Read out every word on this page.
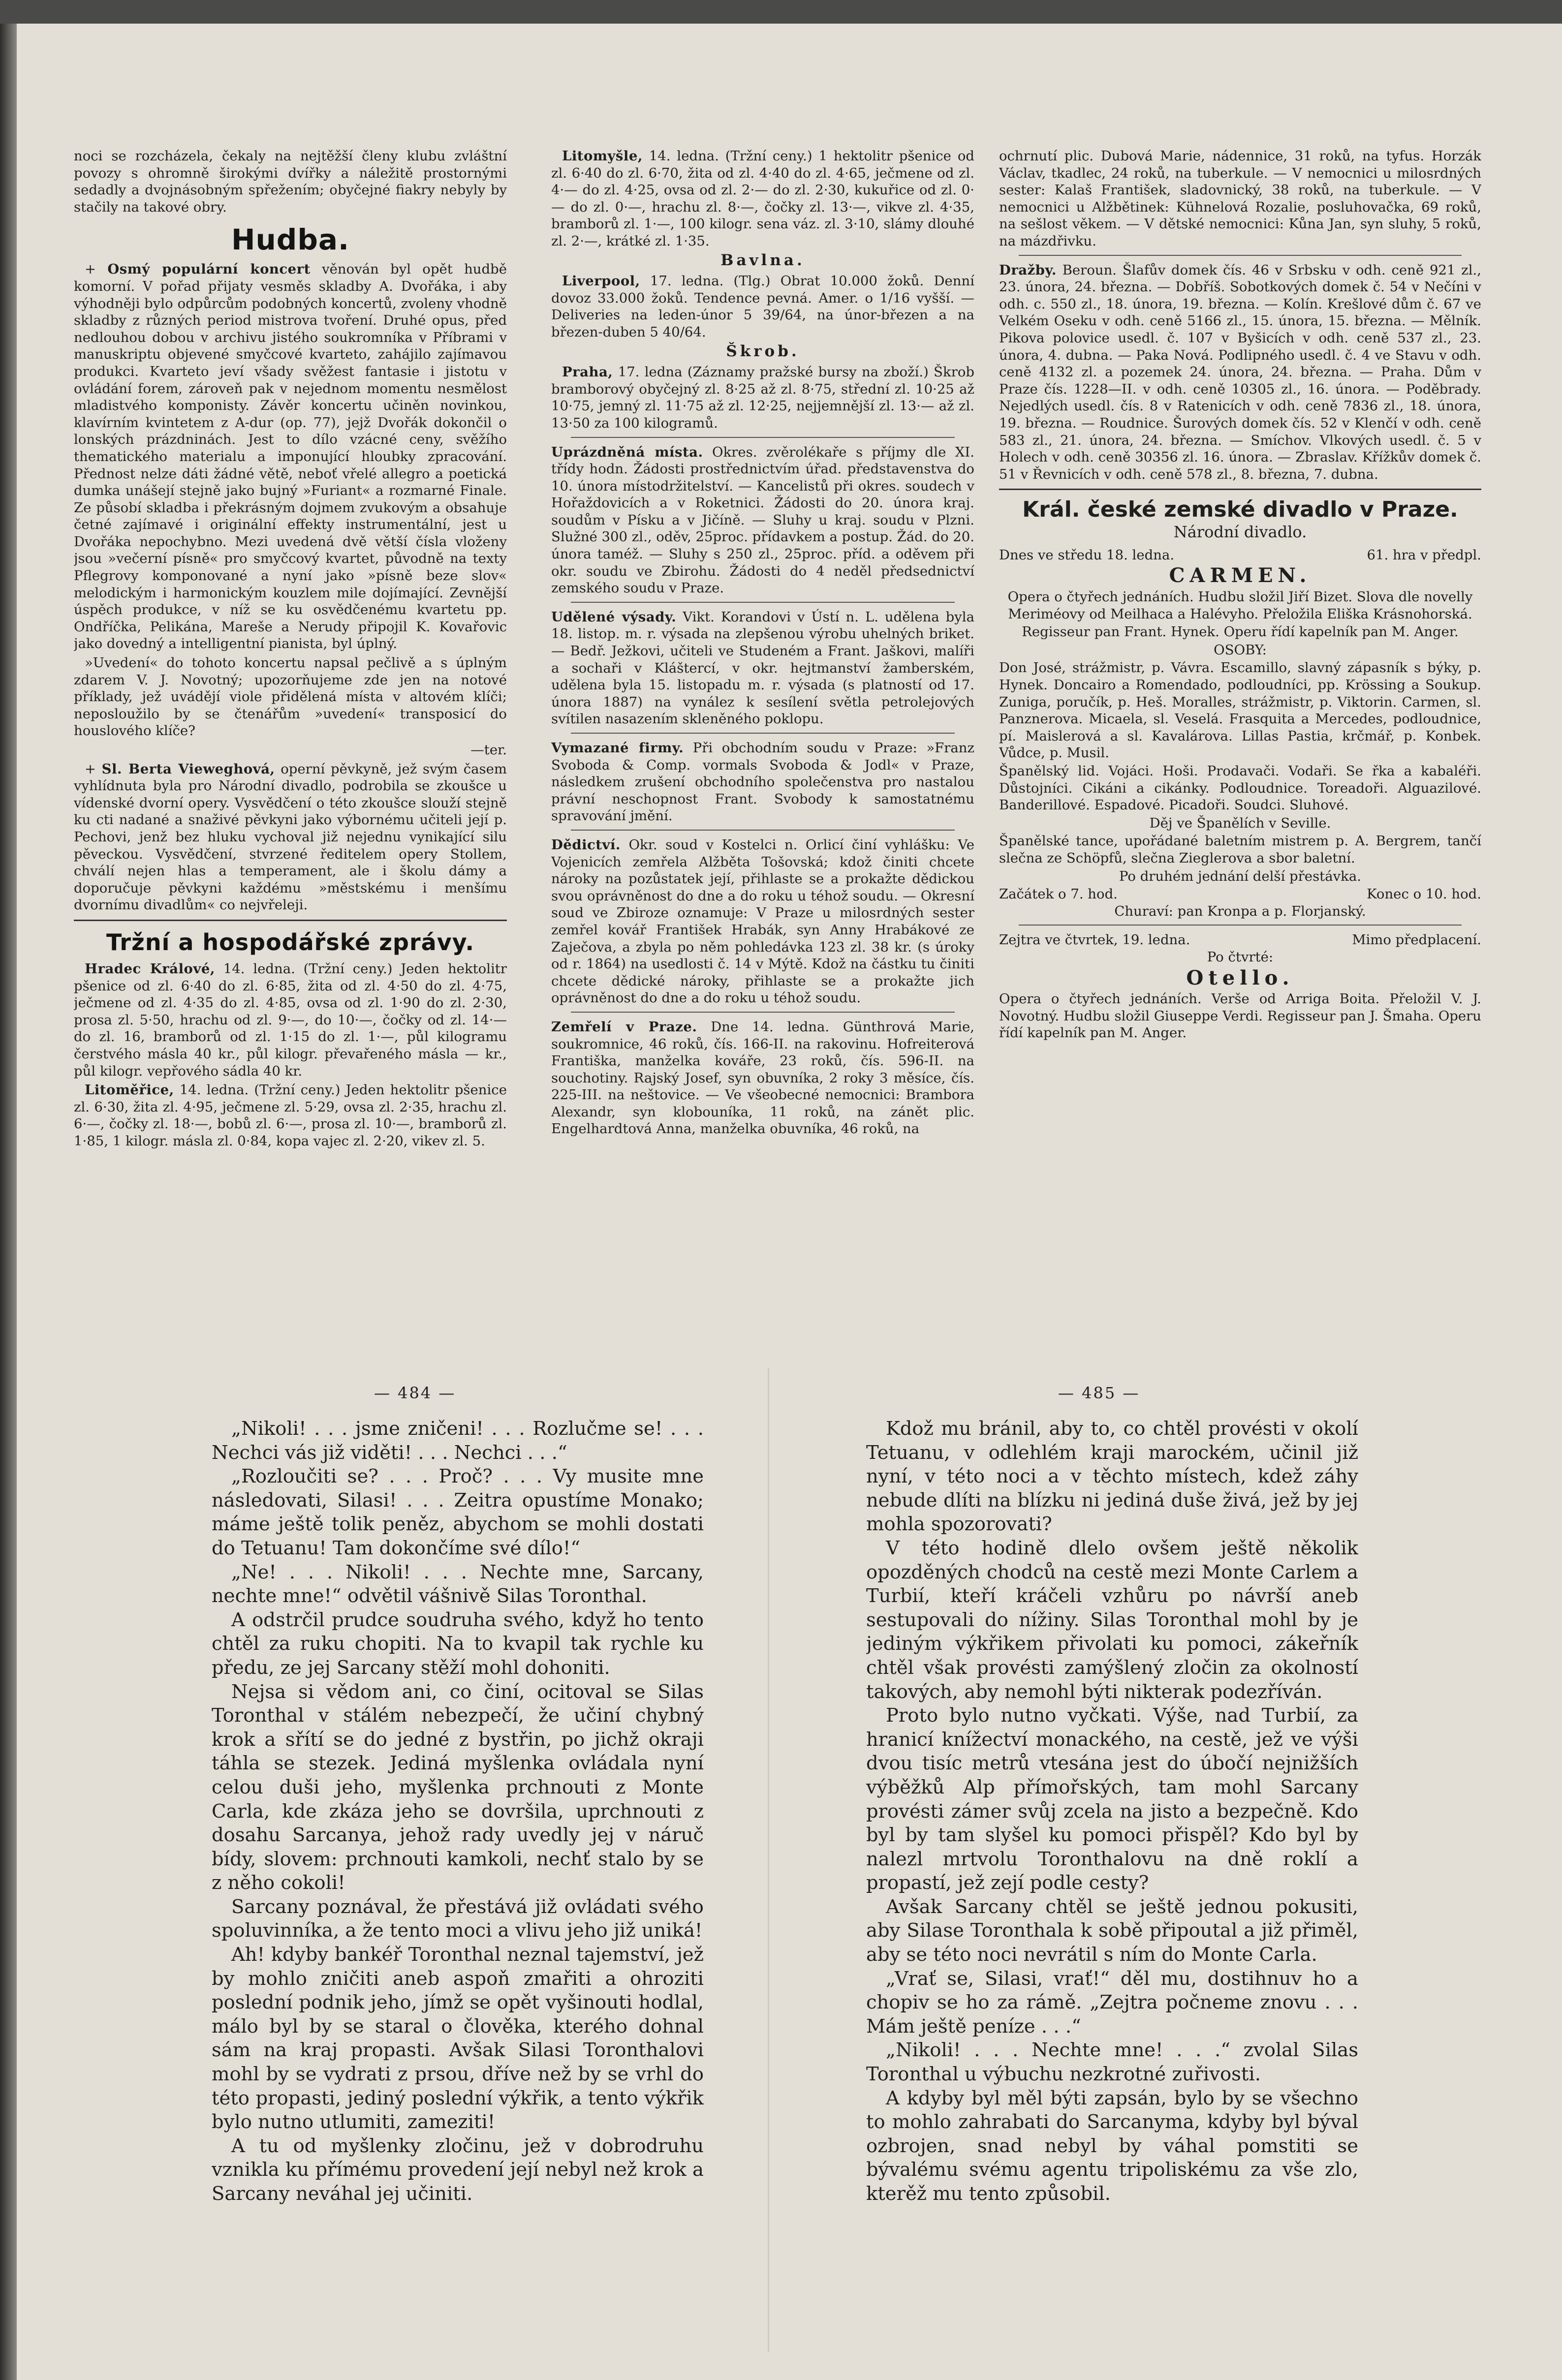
noci se rozcházela, čekaly na nejtěžší členy klubu zvláštní povozy s ohromně širokými dvířky a náležitě prostornými sedadly a dvojnásobným spřežením; obyčejné fiakry nebyly by stačily na takové obry.

Hudba.

+ Osmý populární koncert věnován byl opět hudbě komorní. V pořad přijaty vesměs skladby A. Dvořáka, i aby výhodněji bylo odpůrcům podobných koncertů, zvoleny vhodně skladby z různých period mistrova tvoření. Druhé opus, před nedlouhou dobou v archivu jistého soukromníka v Příbrami v manuskriptu objevené smyčcové kvarteto, zahájilo zajímavou produkci. Kvarteto jeví všady svěžest fantasie i jistotu v ovládání forem, zároveň pak v nejednom momentu nesmělost mladistvého komponisty. Závěr koncertu učiněn novinkou, klavírním kvintetem z A-dur (op. 77), jejž Dvořák dokončil o lonských prázdninách. Jest to dílo vzácné ceny, svěžího thematického materialu a imponující hloubky zpracování. Přednost nelze dáti žádné větě, neboť vřelé allegro a poetická dumka unášejí stejně jako bujný »Furiant« a rozmarné Finale. Ze působí skladba i překrásným dojmem zvukovým a obsahuje četné zajímavé i originální effekty instrumentální, jest u Dvořáka nepochybno. Mezi uvedená dvě větší čísla vloženy jsou »večerní písně« pro smyčcový kvartet, původně na texty Pflegrovy komponované a nyní jako »písně beze slov« melodickým i harmonickým kouzlem mile dojímající. Zevnější úspěch produkce, v níž se ku osvědčenému kvartetu pp. Ondříčka, Pelikána, Mareše a Nerudy připojil K. Kovařovic jako dovedný a intelligentní pianista, byl úplný.

»Uvedení« do tohoto koncertu napsal pečlivě a s úplným zdarem V. J. Novotný; upozorňujeme zde jen na notové příklady, jež uvádějí viole přidělená místa v altovém klíči; neposloužilo by se čtenářům »uvedení« transposicí do houslového klíče?

—ter.

+ Sl. Berta Vieweghová, operní pěvkyně, jež svým časem vyhlídnuta byla pro Národní divadlo, podrobila se zkoušce u vídenské dvorní opery. Vysvědčení o této zkoušce slouží stejně ku cti nadané a snaživé pěvkyni jako výbornému učiteli její p. Pechovi, jenž bez hluku vychoval již nejednu vynikající silu pěveckou. Vysvědčení, stvrzené ředitelem opery Stollem, chválí nejen hlas a temperament, ale i školu dámy a doporučuje pěvkyni každému »městskému i menšímu dvornímu divadlům« co nejvřeleji.

Tržní a hospodářské zprávy.

Hradec Králové, 14. ledna. (Tržní ceny.) Jeden hektolitr pšenice od zl. 6·40 do zl. 6·85, žita od zl. 4·50 do zl. 4·75, ječmene od zl. 4·35 do zl. 4·85, ovsa od zl. 1·90 do zl. 2·30, prosa zl. 5·50, hrachu od zl. 9·—, do 10·—, čočky od zl. 14·— do zl. 16, bramborů od zl. 1·15 do zl. 1·—, půl kilogramu čerstvého másla 40 kr., půl kilogr. převařeného másla — kr., půl kilogr. vepřového sádla 40 kr.

Litoměřice, 14. ledna. (Tržní ceny.) Jeden hektolitr pšenice zl. 6·30, žita zl. 4·95, ječmene zl. 5·29, ovsa zl. 2·35, hrachu zl. 6·—, čočky zl. 18·—, bobů zl. 6·—, prosa zl. 10·—, bramborů zl. 1·85, 1 kilogr. másla zl. 0·84, kopa vajec zl. 2·20, vikev zl. 5.

Litomyšle, 14. ledna. (Tržní ceny.) 1 hektolitr pšenice od zl. 6·40 do zl. 6·70, žita od zl. 4·40 do zl. 4·65, ječmene od zl. 4·— do zl. 4·25, ovsa od zl. 2·— do zl. 2·30, kukuřice od zl. 0·— do zl. 0·—, hrachu zl. 8·—, čočky zl. 13·—, vikve zl. 4·35, bramborů zl. 1·—, 100 kilogr. sena váz. zl. 3·10, slámy dlouhé zl. 2·—, krátké zl. 1·35.

Bavlna.

Liverpool, 17. ledna. (Tlg.) Obrat 10.000 žoků. Denní dovoz 33.000 žoků. Tendence pevná. Amer. o 1/16 vyšší. — Deliveries na leden-únor 5 39/64, na únor-březen a na březen-duben 5 40/64.

Škrob.

Praha, 17. ledna (Záznamy pražské bursy na zboží.) Škrob bramborový obyčejný zl. 8·25 až zl. 8·75, střední zl. 10·25 až 10·75, jemný zl. 11·75 až zl. 12·25, nejjemnější zl. 13·— až zl. 13·50 za 100 kilogramů.

Uprázdněná místa. Okres. zvěrolékaře s příjmy dle XI. třídy hodn. Žádosti prostřednictvím úřad. představenstva do 10. února místodržitelství. — Kancelistů při okres. soudech v Hořaždovicích a v Roketnici. Žádosti do 20. února kraj. soudům v Písku a v Jičíně. — Sluhy u kraj. soudu v Plzni. Služné 300 zl., oděv, 25proc. přídavkem a postup. Žád. do 20. února taméž. — Sluhy s 250 zl., 25proc. příd. a oděvem při okr. soudu ve Zbirohu. Žádosti do 4 neděl předsednictví zemského soudu v Praze.

Udělené výsady. Vikt. Korandovi v Ústí n. L. udělena byla 18. listop. m. r. výsada na zlepšenou výrobu uhelných briket. — Bedř. Ježkovi, učiteli ve Studeném a Frant. Jaškovi, malíři a sochaři v Kláštercí, v okr. hejtmanství žamberském, udělena byla 15. listopadu m. r. výsada (s platností od 17. února 1887) na vynález k sesílení světla petrolejových svítilen nasazením skleněného poklopu.

Vymazané firmy. Při obchodním soudu v Praze: »Franz Svoboda & Comp. vormals Svoboda & Jodl« v Praze, následkem zrušení obchodního společenstva pro nastalou právní neschopnost Frant. Svobody k samostatnému spravování jmění.

Dědictví. Okr. soud v Kostelci n. Orlicí činí vyhlášku: Ve Vojenicích zemřela Alžběta Tošovská; kdož činiti chcete nároky na pozůstatek její, přihlaste se a prokažte dědickou svou oprávněnost do dne a do roku u téhož soudu. — Okresní soud ve Zbiroze oznamuje: V Praze u milosrdných sester zemřel kovář František Hrabák, syn Anny Hrabákové ze Zaječova, a zbyla po něm pohledávka 123 zl. 38 kr. (s úroky od r. 1864) na usedlosti č. 14 v Mýtě. Kdož na částku tu činiti chcete dědické nároky, přihlaste se a prokažte jich oprávněnost do dne a do roku u téhož soudu.

Zemřelí v Praze. Dne 14. ledna. Günthrová Marie, soukromnice, 46 roků, čís. 166-II. na rakovinu. Hofreiterová Františka, manželka kováře, 23 roků, čís. 596-II. na souchotiny. Rajský Josef, syn obuvníka, 2 roky 3 měsíce, čís. 225-III. na neštovice. — Ve všeobecné nemocnici: Brambora Alexandr, syn klobouníka, 11 roků, na zánět plic. Engelhardtová Anna, manželka obuvníka, 46 roků, na

ochrnutí plic. Dubová Marie, nádennice, 31 roků, na tyfus. Horzák Václav, tkadlec, 24 roků, na tuberkule. — V nemocnici u milosrdných sester: Kalaš František, sladovnický, 38 roků, na tuberkule. — V nemocnici u Alžbětinek: Kühnelová Rozalie, posluhovačka, 69 roků, na sešlost věkem. — V dětské nemocnici: Kůna Jan, syn sluhy, 5 roků, na mázdřivku.

Dražby. Beroun. Šlafův domek čís. 46 v Srbsku v odh. ceně 921 zl., 23. února, 24. března. — Dobříš. Sobotkových domek č. 54 v Nečíni v odh. c. 550 zl., 18. února, 19. března. — Kolín. Krešlové dům č. 67 ve Velkém Oseku v odh. ceně 5166 zl., 15. února, 15. března. — Mělník. Pikova polovice usedl. č. 107 v Byšicích v odh. ceně 537 zl., 23. února, 4. dubna. — Paka Nová. Podlipného usedl. č. 4 ve Stavu v odh. ceně 4132 zl. a pozemek 24. února, 24. března. — Praha. Dům v Praze čís. 1228—II. v odh. ceně 10305 zl., 16. února. — Poděbrady. Nejedlých usedl. čís. 8 v Ratenicích v odh. ceně 7836 zl., 18. února, 19. března. — Roudnice. Šurových domek čís. 52 v Klenčí v odh. ceně 583 zl., 21. února, 24. března. — Smíchov. Vlkových usedl. č. 5 v Holech v odh. ceně 30356 zl. 16. února. — Zbraslav. Křížkův domek č. 51 v Řevnicích v odh. ceně 578 zl., 8. března, 7. dubna.

Král. české zemské divadlo v Praze.
Národní divadlo.
Dnes ve středu 18. ledna.	61. hra v předpl.
CARMEN.

Opera o čtyřech jednáních. Hudbu složil Jiří Bizet. Slova dle novelly Meriméovy od Meilhaca a Halévyho. Přeložila Eliška Krásnohorská.

Regisseur pan Frant. Hynek. Operu řídí kapelník pan M. Anger.

OSOBY:

Don José, strážmistr, p. Vávra. Escamillo, slavný zápasník s býky, p. Hynek. Doncairo a Romendado, podloudníci, pp. Krössing a Soukup. Zuniga, poručík, p. Heš. Moralles, strážmistr, p. Viktorin. Carmen, sl. Panznerova. Micaela, sl. Veselá. Frasquita a Mercedes, podloudnice, pí. Maislerová a sl. Kavalárova. Lillas Pastia, krčmář, p. Konbek. Vůdce, p. Musil.

Španělský lid. Vojáci. Hoši. Prodavači. Vodaři. Se řka a kabaléři. Důstojníci. Cikáni a cikánky. Podloudnice. Toreadoři. Alguazilové. Banderillové. Espadové. Picadoři. Soudci. Sluhové.

Děj ve Španělích v Seville.

Španělské tance, upořádané baletním mistrem p. A. Bergrem, tančí slečna ze Schöpfů, slečna Zieglerova a sbor baletní.

Po druhém jednání delší přestávka.

Začátek o 7. hod.	Konec o 10. hod.

Churaví: pan Kronpa a p. Florjanský.

Zejtra ve čtvrtek, 19. ledna.	Mimo předplacení.

Po čtvrté:

Otello.

Opera o čtyřech jednáních. Verše od Arriga Boita. Přeložil V. J. Novotný. Hudbu složil Giuseppe Verdi. Regisseur pan J. Šmaha. Operu řídí kapelník pan M. Anger.

— 484 —	— 485 —

„Nikoli! . . . jsme zničeni! . . . Rozlučme se! . . . Nechci vás již viděti! . . . Nechci . . .“

„Rozloučiti se? . . . Proč? . . . Vy musite mne následovati, Silasi! . . . Zeitra opustíme Monako; máme ještě tolik peněz, abychom se mohli dostati do Tetuanu! Tam dokončíme své dílo!“

„Ne! . . . Nikoli! . . . Nechte mne, Sarcany, nechte mne!“ odvětil vášnivě Silas Toronthal.

A odstrčil prudce soudruha svého, když ho tento chtěl za ruku chopiti. Na to kvapil tak rychle ku předu, ze jej Sarcany stěží mohl dohoniti.

Nejsa si vědom ani, co činí, ocitoval se Silas Toronthal v stálém nebezpečí, že učiní chybný krok a sřítí se do jedné z bystřin, po jichž okraji táhla se stezek. Jediná myšlenka ovládala nyní celou duši jeho, myšlenka prchnouti z Monte Carla, kde zkáza jeho se dovršila, uprchnouti z dosahu Sarcanya, jehož rady uvedly jej v náruč bídy, slovem: prchnouti kamkoli, nechť stalo by se z něho cokoli!

Sarcany poznával, že přestává již ovládati svého spoluvinníka, a že tento moci a vlivu jeho již uniká!

Ah! kdyby bankéř Toronthal neznal tajemství, jež by mohlo zničiti aneb aspoň zmařiti a ohroziti poslední podnik jeho, jímž se opět vyšinouti hodlal, málo byl by se staral o člověka, kterého dohnal sám na kraj propasti. Avšak Silasi Toronthalovi mohl by se vydrati z prsou, dříve než by se vrhl do této propasti, jediný poslední výkřik, a tento výkřik bylo nutno utlumiti, zameziti!

A tu od myšlenky zločinu, jež v dobrodruhu vznikla ku přímému provedení její nebyl než krok a Sarcany neváhal jej učiniti.

Kdož mu bránil, aby to, co chtěl provésti v okolí Tetuanu, v odlehlém kraji marockém, učinil již nyní, v této noci a v těchto místech, kdež záhy nebude dlíti na blízku ni jediná duše živá, jež by jej mohla spozorovati?

V této hodině dlelo ovšem ještě několik opozděných chodců na cestě mezi Monte Carlem a Turbií, kteří kráčeli vzhůru po návrší aneb sestupovali do nížiny. Silas Toronthal mohl by je jediným výkřikem přivolati ku pomoci, zákeřník chtěl však provésti zamýšlený zločin za okolností takových, aby nemohl býti nikterak podezříván.

Proto bylo nutno vyčkati. Výše, nad Turbií, za hranicí knížectví monackého, na cestě, jež ve výši dvou tisíc metrů vtesána jest do úbočí nejnižších výběžků Alp přímořských, tam mohl Sarcany provésti zámer svůj zcela na jisto a bezpečně. Kdo byl by tam slyšel ku pomoci přispěl? Kdo byl by nalezl mrtvolu Toronthalovu na dně roklí a propastí, jež zejí podle cesty?

Avšak Sarcany chtěl se ještě jednou pokusiti, aby Silase Toronthala k sobě připoutal a již přiměl, aby se této noci nevrátil s ním do Monte Carla.

„Vrať se, Silasi, vrať!“ děl mu, dostihnuv ho a chopiv se ho za rámě. „Zejtra počneme znovu . . . Mám ještě peníze . . .“

„Nikoli! . . . Nechte mne! . . .“ zvolal Silas Toronthal u výbuchu nezkrotné zuřivosti.

A kdyby byl měl býti zapsán, bylo by se všechno to mohlo zahrabati do Sarcanyma, kdyby byl býval ozbrojen, snad nebyl by váhal pomstiti se bývalému svému agentu tripoliskému za vše zlo, kterěž mu tento způsobil.
